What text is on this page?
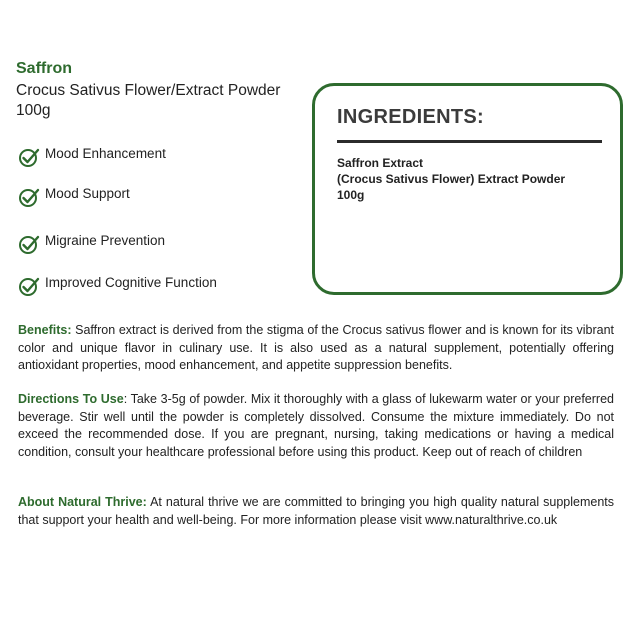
Saffron
Crocus Sativus Flower/Extract Powder
100g
Mood Enhancement
Mood Support
Migraine Prevention
Improved Cognitive Function
INGREDIENTS:
Saffron Extract
(Crocus Sativus Flower) Extract Powder
100g
Benefits: Saffron extract is derived from the stigma of the Crocus sativus flower and is known for its vibrant color and unique flavor in culinary use. It is also used as a natural supplement, potentially offering antioxidant properties, mood enhancement, and appetite suppression benefits.
Directions To Use: Take 3-5g of powder. Mix it thoroughly with a glass of lukewarm water or your preferred beverage. Stir well until the powder is completely dissolved. Consume the mixture immediately. Do not exceed the recommended dose. If you are pregnant, nursing, taking medications or having a medical condition, consult your healthcare professional before using this product. Keep out of reach of children
About Natural Thrive: At natural thrive we are committed to bringing you high quality natural supplements that support your health and well-being. For more information please visit www.naturalthrive.co.uk
